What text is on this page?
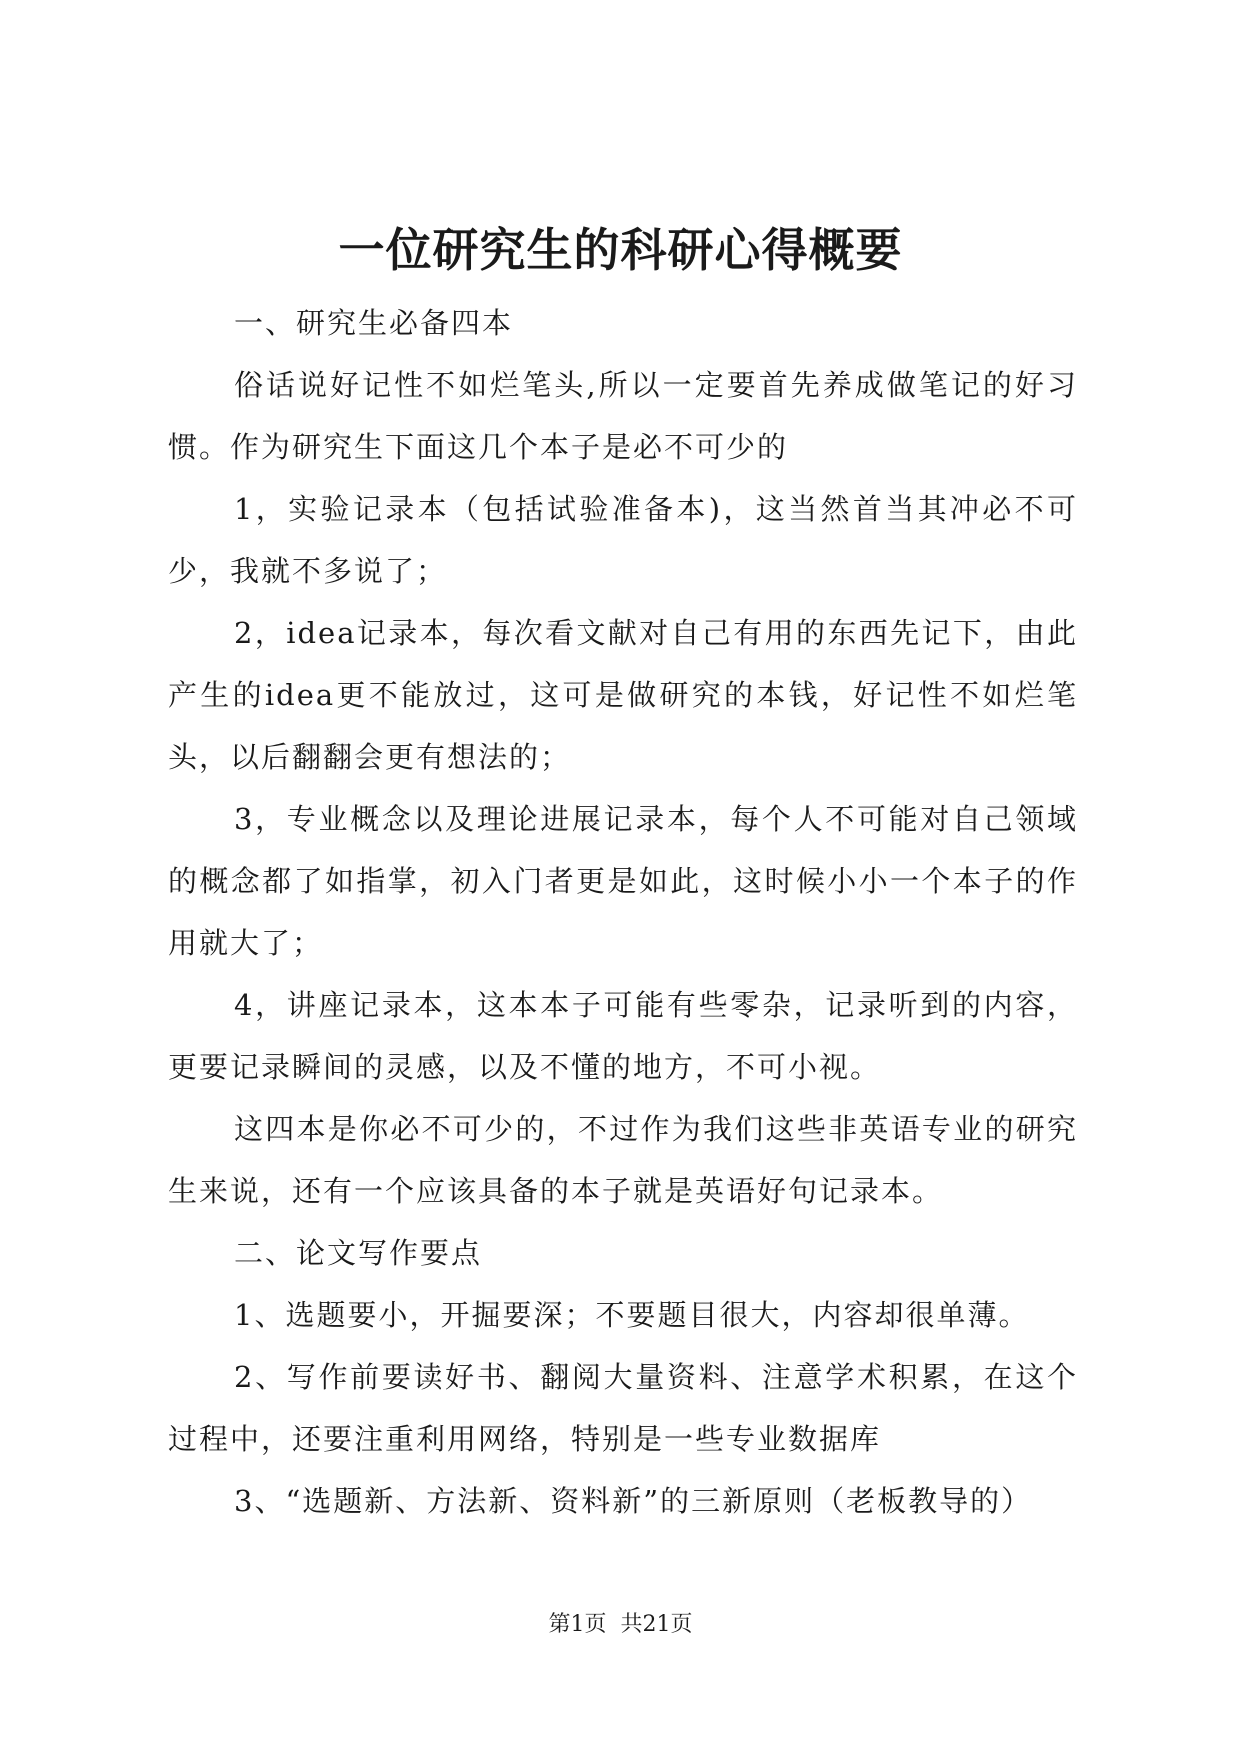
一位研究生的科研心得概要

一、研究生必备四本

俗话说好记性不如烂笔头,所以一定要首先养成做笔记的好习惯。作为研究生下面这几个本子是必不可少的

1，实验记录本（包括试验准备本)，这当然首当其冲必不可少，我就不多说了；

2，idea记录本，每次看文献对自己有用的东西先记下，由此产生的idea更不能放过，这可是做研究的本钱，好记性不如烂笔头，以后翻翻会更有想法的；

3，专业概念以及理论进展记录本，每个人不可能对自己领域的概念都了如指掌，初入门者更是如此，这时候小小一个本子的作用就大了；

4，讲座记录本，这本本子可能有些零杂，记录听到的内容，更要记录瞬间的灵感，以及不懂的地方，不可小视。

这四本是你必不可少的，不过作为我们这些非英语专业的研究生来说，还有一个应该具备的本子就是英语好句记录本。

二、论文写作要点

1、选题要小，开掘要深；不要题目很大，内容却很单薄。

2、写作前要读好书、翻阅大量资料、注意学术积累，在这个过程中，还要注重利用网络，特别是一些专业数据库

3、“选题新、方法新、资料新”的三新原则（老板教导的）

第1页 共21页
